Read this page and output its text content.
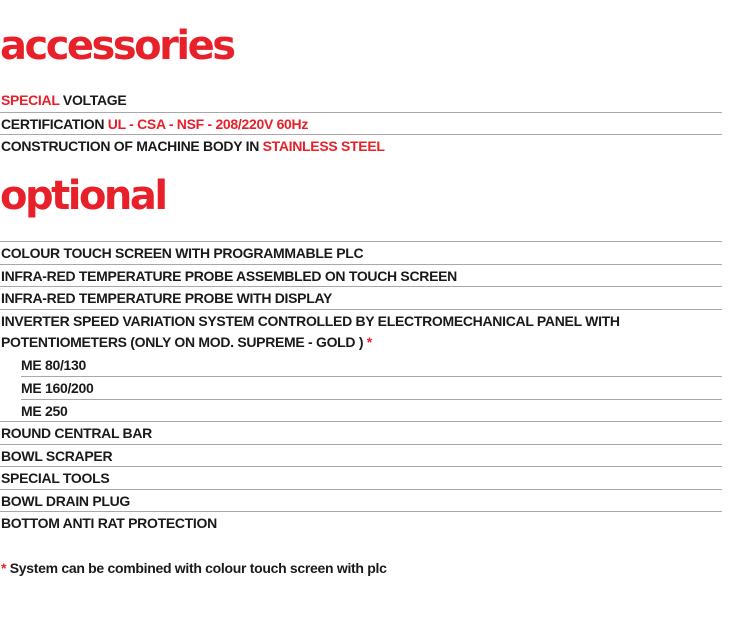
accessories
SPECIAL VOLTAGE
CERTIFICATION UL - CSA - NSF - 208/220V 60Hz
CONSTRUCTION OF MACHINE BODY IN STAINLESS STEEL
optional
COLOUR TOUCH SCREEN WITH PROGRAMMABLE PLC
INFRA-RED TEMPERATURE PROBE ASSEMBLED ON TOUCH SCREEN
INFRA-RED TEMPERATURE PROBE WITH DISPLAY
INVERTER SPEED VARIATION SYSTEM CONTROLLED BY ELECTROMECHANICAL PANEL WITH
POTENTIOMETERS (ONLY ON MOD. SUPREME - GOLD ) *
ME 80/130
ME 160/200
ME 250
ROUND CENTRAL BAR
BOWL SCRAPER
SPECIAL TOOLS
BOWL DRAIN PLUG
BOTTOM ANTI RAT PROTECTION
* System can be combined with colour touch screen with plc
